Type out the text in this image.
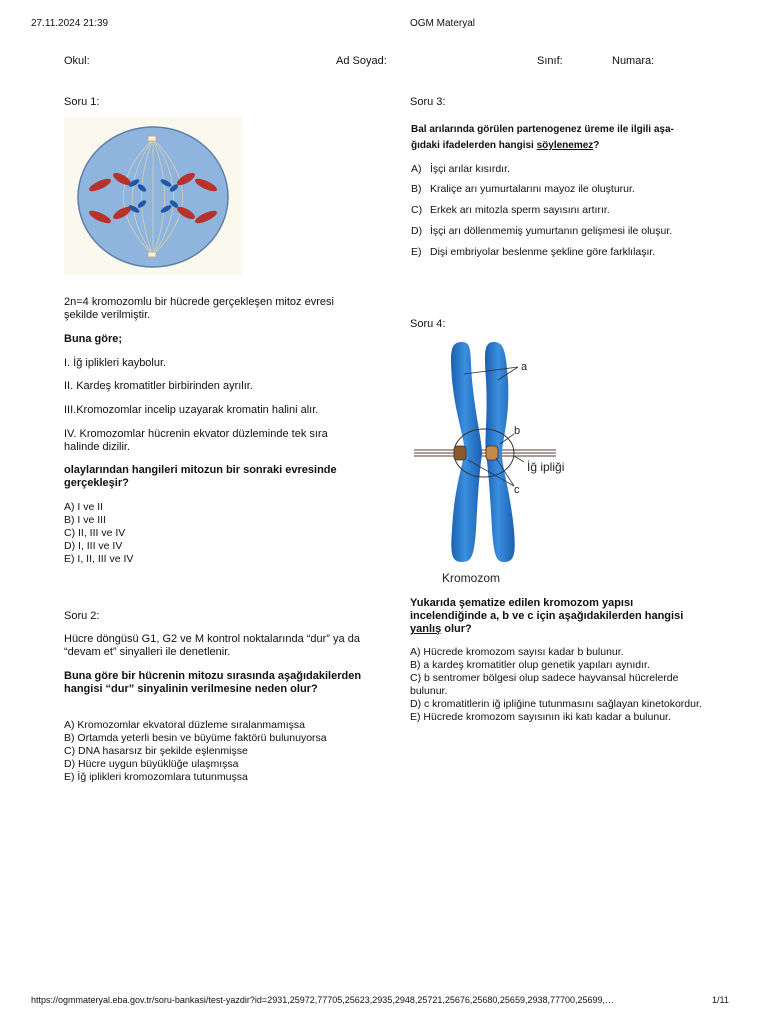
27.11.2024 21:39	OGM Materyal
Okul:	Ad Soyad:	Sınıf:	Numara:
Soru 1:
2n=4 kromozomlu bir hücrede gerçekleşen mitoz evresi şekilde verilmiştir.
Buna göre;
I. İğ iplikleri kaybolur.
II. Kardeş kromatitler birbirinden ayrılır.
III.Kromozomlar incelip uzayarak kromatin halini alır.
IV. Kromozomlar hücrenin ekvator düzleminde tek sıra halinde dizilir.
olaylarından hangileri mitozun bir sonraki evresinde gerçekleşir?

A) I ve II

B) I ve III

C) II, III ve IV

D) I, III ve IV

E) I, II, III ve IV

Soru 2:
Hücre döngüsü G1, G2 ve M kontrol noktalarında “dur” ya da “devam et” sinyalleri ile denetlenir.
Buna göre bir hücrenin mitozu sırasında aşağıdakilerden hangisi “dur” sinyalinin verilmesine neden olur?

A) Kromozomlar ekvatoral düzleme sıralanmamışsa

B) Ortamda yeterli besin ve büyüme faktörü bulunuyorsa

C) DNA hasarsız bir şekilde eşlenmişse

D) Hücre uygun büyüklüğe ulaşmışsa

E) İğ iplikleri kromozomlara tutunmuşsa

Soru 3:
Bal arılarında görülen partenogenez üreme ile ilgili aşa-
ğıdaki ifadelerden hangisi söylenemez?

A) İşçi arılar kısırdır.

B) Kraliçe arı yumurtalarını mayoz ile oluşturur.

C) Erkek arı mitozla sperm sayısını artırır.

D) İşçi arı döllenmemiş yumurtanın gelişmesi ile oluşur.

E) Dişi embriyolar beslenme şekline göre farklılaşır.

Soru 4:
a
b
c
İğ ipliği
Kromozom
Yukarıda şematize edilen kromozom yapısı incelendiğinde a, b ve c için aşağıdakilerden hangisi yanlış olur?

A) Hücrede kromozom sayısı kadar b bulunur.

B) a kardeş kromatitler olup genetik yapıları aynıdır.

C) b sentromer bölgesi olup sadece hayvansal hücrelerde bulunur.

D) c kromatitlerin iğ ipliğine tutunmasını sağlayan kinetokordur.

E) Hücrede kromozom sayısının iki katı kadar a bulunur.

https://ogmmateryal.eba.gov.tr/soru-bankasi/test-yazdir?id=2931,25972,77705,25623,2935,2948,25721,25676,25680,25659,2938,77700,25699,…	1/11
